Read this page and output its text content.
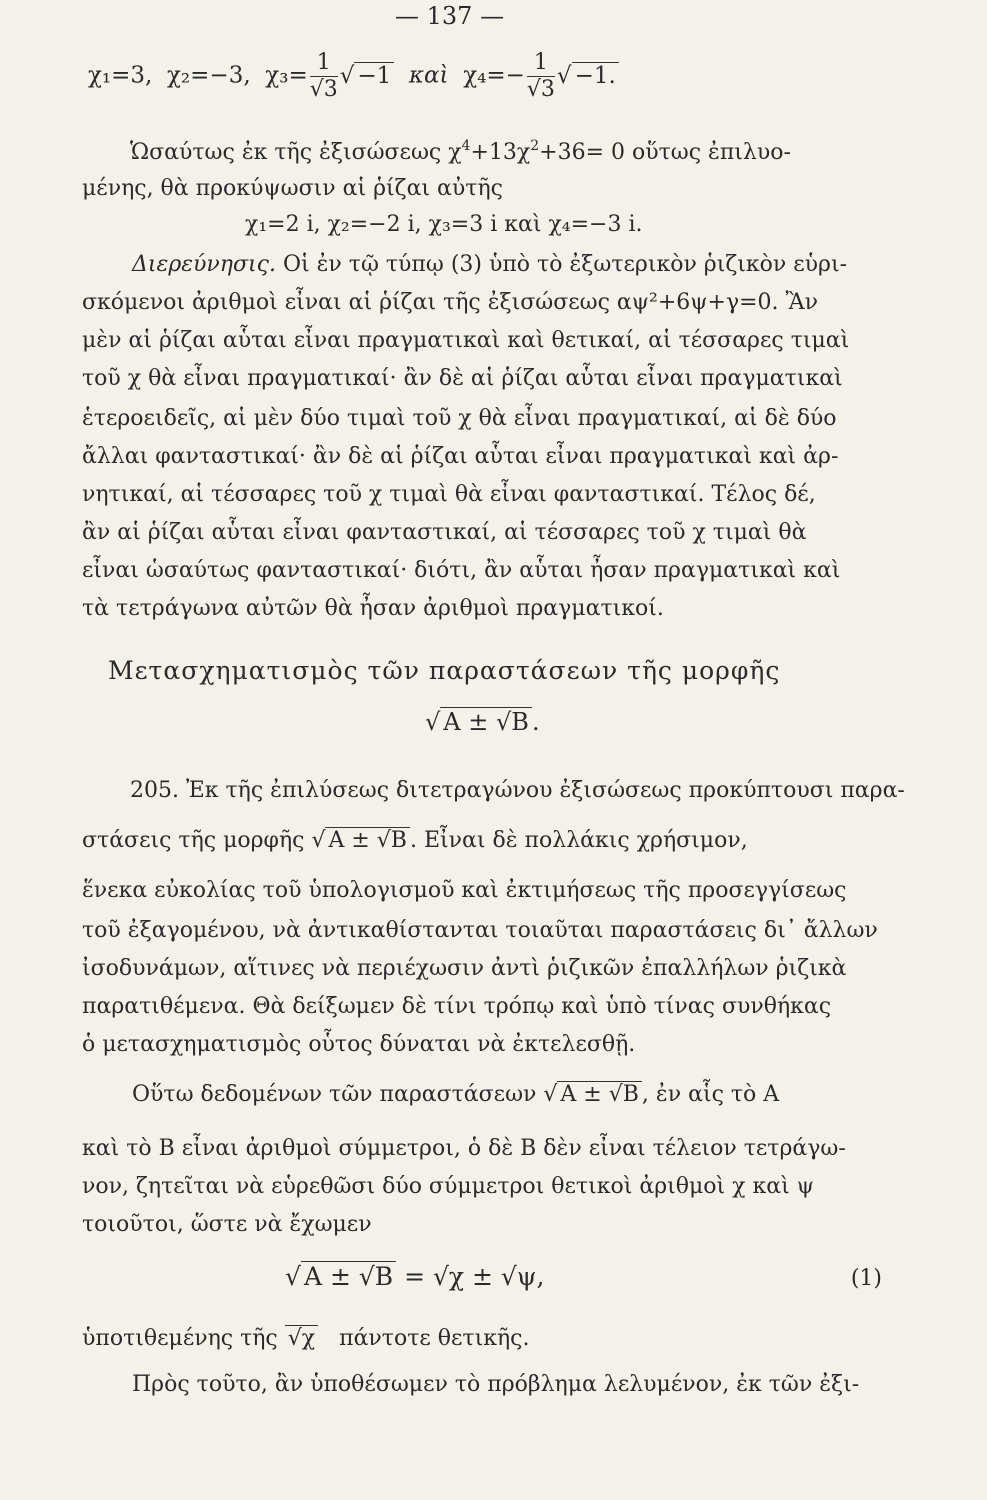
— 137 —
χ₁=3, χ₂=−3, $\chi_3= \frac{1}{√3}$ √ −1 καὶ $\chi_4=- \frac{1}{√3}$ √ −1.
Ὡσαύτως ἐκ τῆς ἐξισώσεως $\chi^4+13\chi^2+36= 0$ οὕτως ἐπιλυο-
μένης, θὰ προκύψωσιν αἱ ῥίζαι αὐτῆς
χ₁=2 i, χ₂=−2 i, χ₃=3 i καὶ χ₄=−3 i.
Διερεύνησις. Οἱ ἐν τῷ τύπῳ (3) ὑπὸ τὸ ἐξωτερικὸν ῥιζικὸν εὑρι-
σκόμενοι ἀριθμοὶ εἶναι αἱ ῥίζαι τῆς ἐξισώσεως αψ²+6ψ+γ=0. Ἂν
μὲν αἱ ῥίζαι αὗται εἶναι πραγματικαὶ καὶ θετικαί, αἱ τέσσαρες τιμαὶ
τοῦ χ θὰ εἶναι πραγματικαί· ἂν δὲ αἱ ῥίζαι αὗται εἶναι πραγματικαὶ
ἑτεροειδεῖς, αἱ μὲν δύο τιμαὶ τοῦ χ θὰ εἶναι πραγματικαί, αἱ δὲ δύο
ἄλλαι φανταστικαί· ἂν δὲ αἱ ῥίζαι αὗται εἶναι πραγματικαὶ καὶ ἀρ-
νητικαί, αἱ τέσσαρες τοῦ χ τιμαὶ θὰ εἶναι φανταστικαί. Τέλος δέ,
ἂν αἱ ῥίζαι αὗται εἶναι φανταστικαί, αἱ τέσσαρες τοῦ χ τιμαὶ θὰ
εἶναι ὡσαύτως φανταστικαί· διότι, ἂν αὗται ἦσαν πραγματικαὶ καὶ
τὰ τετράγωνα αὐτῶν θὰ ἦσαν ἀριθμοὶ πραγματικοί.
Μετασχηματισμὸς τῶν παραστάσεων τῆς μορφῆς
√ A ± √B .
205. Ἐκ τῆς ἐπιλύσεως διτετραγώνου ἐξισώσεως προκύπτουσι παρα-
στάσεις τῆς μορφῆς √ A ± √B . Εἶναι δὲ πολλάκις χρήσιμον,
ἕνεκα εὐκολίας τοῦ ὑπολογισμοῦ καὶ ἐκτιμήσεως τῆς προσεγγίσεως
τοῦ ἐξαγομένου, νὰ ἀντικαθίστανται τοιαῦται παραστάσεις δι᾽ ἄλλων
ἰσοδυνάμων, αἵτινες νὰ περιέχωσιν ἀντὶ ῥιζικῶν ἐπαλλήλων ῥιζικὰ
παρατιθέμενα. Θὰ δείξωμεν δὲ τίνι τρόπῳ καὶ ὑπὸ τίνας συνθήκας
ὁ μετασχηματισμὸς οὗτος δύναται νὰ ἐκτελεσθῇ.
Οὕτω δεδομένων τῶν παραστάσεων √ A ± √B , ἐν αἷς τὸ A
καὶ τὸ B εἶναι ἀριθμοὶ σύμμετροι, ὁ δὲ B δὲν εἶναι τέλειον τετράγω-
νον, ζητεῖται νὰ εὑρεθῶσι δύο σύμμετροι θετικοὶ ἀριθμοὶ χ καὶ ψ
τοιοῦτοι, ὥστε νὰ ἔχωμεν
√ A ± √B = √χ ± √ψ,	(1)
ὑποτιθεμένης τῆς √χ πάντοτε θετικῆς.
Πρὸς τοῦτο, ἂν ὑποθέσωμεν τὸ πρόβλημα λελυμένον, ἐκ τῶν ἐξι-
